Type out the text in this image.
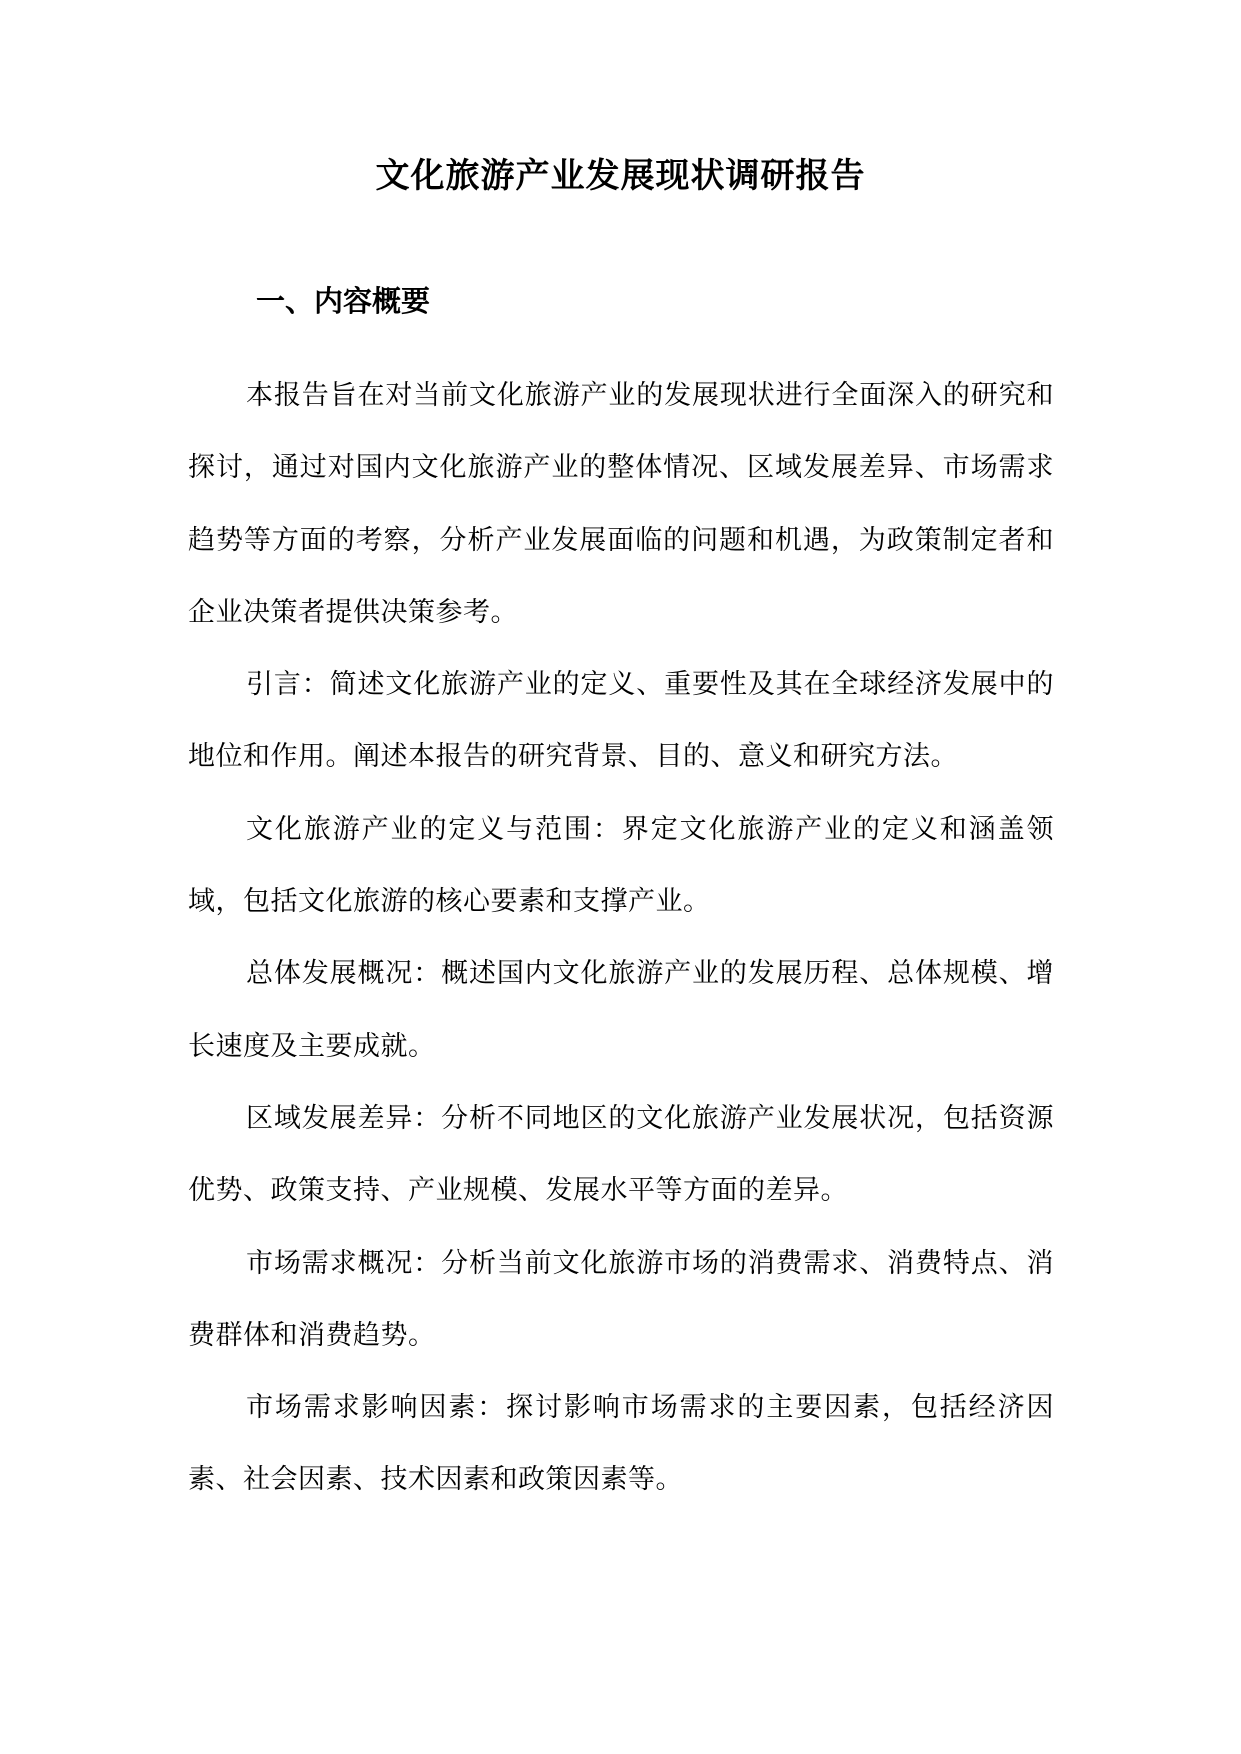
文化旅游产业发展现状调研报告
一、内容概要

本报告旨在对当前文化旅游产业的发展现状进行全面深入的研究和探讨，通过对国内文化旅游产业的整体情况、区域发展差异、市场需求趋势等方面的考察，分析产业发展面临的问题和机遇，为政策制定者和企业决策者提供决策参考。

引言：简述文化旅游产业的定义、重要性及其在全球经济发展中的地位和作用。阐述本报告的研究背景、目的、意义和研究方法。

文化旅游产业的定义与范围：界定文化旅游产业的定义和涵盖领域，包括文化旅游的核心要素和支撑产业。

总体发展概况：概述国内文化旅游产业的发展历程、总体规模、增长速度及主要成就。

区域发展差异：分析不同地区的文化旅游产业发展状况，包括资源优势、政策支持、产业规模、发展水平等方面的差异。

市场需求概况：分析当前文化旅游市场的消费需求、消费特点、消费群体和消费趋势。

市场需求影响因素：探讨影响市场需求的主要因素，包括经济因素、社会因素、技术因素和政策因素等。
